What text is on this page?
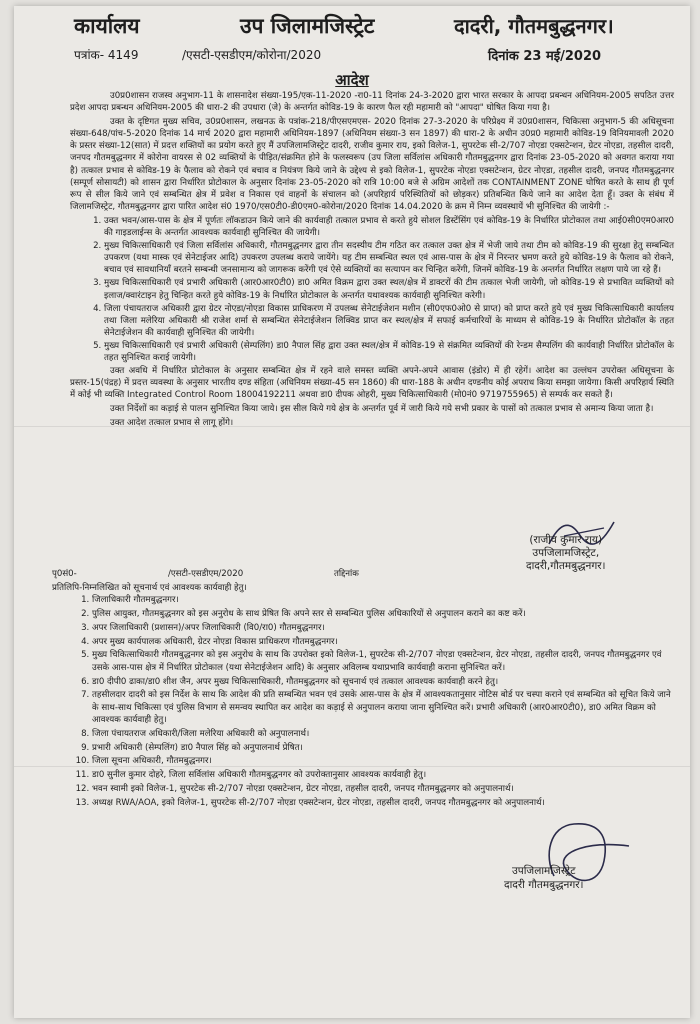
कार्यालय	उप जिलामजिस्ट्रेट	दादरी, गौतमबुद्धनगर।
पत्रांक- 4149	/एसटी-एसडीएम/कोरोना/2020	दिनांक 23 मई/2020
आदेश

उ0प्र0शासन राजस्व अनुभाग-11 के शासनादेश संख्या-195/एक-11-2020 -रा0-11 दिनांक 24-3-2020 द्वारा भारत सरकार के आपदा प्रबन्धन अधिनियम-2005 सपठित उत्तर प्रदेश आपदा प्रबन्धन अधिनियम-2005 की धारा-2 की उपधारा (जे) के अन्तर्गत कोविड-19 के कारण फैल रही महामारी को "आपदा" घोषित किया गया है।

उक्त के दृष्टिगत मुख्य सचिव, उ0प्र0शासन, लखनऊ के पत्रांक-218/पीएसएमएस- 2020 दिनांक 27-3-2020 के परिप्रेक्ष्य में उ0प्र0शासन, चिकित्सा अनुभाग-5 की अधिसूचना संख्या-648/पांच-5-2020 दिनांक 14 मार्च 2020 द्वारा महामारी अधिनियम-1897 (अधिनियम संख्या-3 सन 1897) की धारा-2 के अधीन उ0प्र0 महामारी कोविड-19 विनियमावली 2020 के प्रस्तर संख्या-12(सात) में प्रदत्त शक्तियों का प्रयोग करते हुए मैं उपजिलामजिस्ट्रेट दादरी, राजीव कुमार राय, इको विलेज-1, सुपरटेक सी-2/707 नोएडा एक्सटेन्शन, ग्रेटर नोएडा, तहसील दादरी, जनपद गौतमबुद्धनगर में कोरोना वायरस से 02 व्यक्तियों के पीड़ित/संक्रमित होने के फलस्वरूप (उप जिला सर्विलांस अधिकारी गौतमबुद्धनगर द्वारा दिनांक 23-05-2020 को अवगत कराया गया है) तत्काल प्रभाव से कोविड-19 के फैलाव को रोकने एवं बचाव व नियंत्रण किये जाने के उद्देश्य से इको विलेज-1, सुपरटेक नोएडा एक्सटेन्शन, ग्रेटर नोएडा, तहसील दादरी, जनपद गौतमबुद्धनगर (सम्पूर्ण सोसायटी) को शासन द्वारा निर्धारित प्रोटोकाल के अनुसार दिनांक 23-05-2020 को रात्रि 10:00 बजे से अग्रिम आदेशों तक CONTAINMENT ZONE घोषित करते के साथ ही पूर्ण रूप से सील किये जाने एवं सम्बन्धित क्षेत्र में प्रवेश व निकास एवं वाहनों के संचालन को (अपरिहार्य परिस्थितियों को छोड़कर) प्रतिबन्धित किये जाने का आदेश देता हूँ। उक्त के संबंध में जिलामजिस्ट्रेट, गौतमबुद्धनगर द्वारा पारित आदेश सं0 1970/एस0टी0-डी0एम0-कोरोना/2020 दिनांक 14.04.2020 के क्रम में निम्न व्यवस्थायें भी सुनिश्चित की जायेगी :-

1. उक्त भवन/आस-पास के क्षेत्र में पूर्णतः लॉकडाउन किये जाने की कार्यवाही तत्काल प्रभाव से करते हुये सोशल डिस्टेंसिंग एवं कोविड-19 के निर्धारित प्रोटोकाल तथा आई0सी0एम0आर0 की गाइडलाईन्स के अन्तर्गत आवश्यक कार्यवाही सुनिश्चित की जायेगी।
2. मुख्य चिकित्साधिकारी एवं जिला सर्विलांस अधिकारी, गौतमबुद्धनगर द्वारा तीन सदस्यीय टीम गठित कर तत्काल उक्त क्षेत्र में भेजी जाये तथा टीम को कोविड-19 की सुरक्षा हेतु सम्बन्धित उपकरण (यथा मास्क एवं सेनेटाईजर आदि) उपकरण उपलब्ध कराये जायेंगे। यह टीम सम्बन्धित स्थल एवं आस-पास के क्षेत्र में निरन्तर भ्रमण करते हुये कोविड-19 के फैलाव को रोकने, बचाव एवं सावधानियाँ बरतने सम्बन्धी जनसामान्य को जागरूक करेंगी एवं ऐसे व्यक्तियों का सत्यापन कर चिन्हित करेंगी, जिनमें कोविड-19 के अन्तर्गत निर्धारित लक्षण पाये जा रहे हैं।
3. मुख्य चिकित्साधिकारी एवं प्रभारी अधिकारी (आर0आर0टी0) डा0 अमित विक्रम द्वारा उक्त स्थल/क्षेत्र में डाक्टरों की टीम तत्काल भेजी जायेगी, जो कोविड-19 से प्रभावित व्यक्तियों को इलाज/क्वारंटाइन हेतु चिन्हित करते हुये कोविड-19 के निर्धारित प्रोटोकाल के अन्तर्गत यथावश्यक कार्यवाही सुनिश्चित करेगी।
4. जिला पंचायतराज अधिकारी द्वारा ग्रेटर नोएडा/नोएडा विकास प्राधिकरण में उपलब्ध सेनेटाईजेशन मशीन (सी0एफ0ओ0 से प्राप्त) को प्राप्त करते हुये एवं मुख्य चिकित्साधिकारी कार्यालय तथा जिला मलेरिया अधिकारी श्री राजेश शर्मा से सम्बन्धित सेनेटाईजेशन लिक्विड प्राप्त कर स्थल/क्षेत्र में सफाई कर्मचारियों के माध्यम से कोविड-19 के निर्धारित प्रोटोकॉल के तहत सेनेटाईजेशन की कार्यवाही सुनिश्चित की जायेगी।
5. मुख्य चिकित्साधिकारी एवं प्रभारी अधिकारी (सेम्पलिंग) डा0 नैपाल सिंह द्वारा उक्त स्थल/क्षेत्र में कोविड-19 से संक्रमित व्यक्तियों की रेन्डम सैम्पलिंग की कार्यवाही निर्धारित प्रोटोकॉल के तहत सुनिश्चित कराई जायेगी।

उक्त अवधि में निर्धारित प्रोटोकाल के अनुसार सम्बन्धित क्षेत्र में रहने वाले समस्त व्यक्ति अपने-अपने आवास (इंडोर) में ही रहेगें। आदेश का उल्लंघन उपरोक्त अधिसूचना के प्रस्तर-15(पंद्रह) में प्रदत्त व्यवस्था के अनुसार भारतीय दण्ड संहिता (अधिनियम संख्या-45 सन 1860) की धारा-188 के अधीन दण्डनीय कोई अपराध किया समझा जायेगा। किसी अपरिहार्य स्थिति में कोई भी व्यक्ति Integrated Control Room 18004192211 अथवा डा0 दीपक ओहरी, मुख्य चिकित्साधिकारी (मो0नं0 9719755965) से सम्पर्क कर सकते हैं।

उक्त निर्देशों का कड़ाई से पालन सुनिश्चित किया जाये। इस सील किये गये क्षेत्र के अन्तर्गत पूर्व में जारी किये गये सभी प्रकार के पासों को तत्काल प्रभाव से अमान्य किया जाता है।

उक्त आदेश तत्काल प्रभाव से लागू होंगे।

(राजीव कुमार राय)
उपजिलामजिस्ट्रेट,
दादरी,गौतमबुद्धनगर।
पृ0सं0-	/एसटी-एसडीएम/2020	तद्दिनांक
प्रतिलिपि-निम्नलिखित को सूचनार्थ एवं आवश्यक कार्यवाही हेतु।
1. जिलाधिकारी गौतमबुद्धनगर।
2. पुलिस आयुक्त, गौतमबुद्धनगर को इस अनुरोध के साथ प्रेषित कि अपने स्तर से सम्बन्धित पुलिस अधिकारियों से अनुपालन कराने का कष्ट करें।
3. अपर जिलाधिकारी (प्रशासन)/अपर जिलाधिकारी (वि0/रा0) गौतमबुद्धनगर।
4. अपर मुख्य कार्यपालक अधिकारी, ग्रेटर नोएडा विकास प्राधिकरण गौतमबुद्धनगर।
5. मुख्य चिकित्साधिकारी गौतमबुद्धनगर को इस अनुरोध के साथ कि उपरोक्त इको विलेज-1, सुपरटेक सी-2/707 नोएडा एक्सटेन्शन, ग्रेटर नोएडा, तहसील दादरी, जनपद गौतमबुद्धनगर एवं उसके आस-पास क्षेत्र में निर्धारित प्रोटोकाल (यथा सेनेटाईजेशन आदि) के अनुसार अविलम्ब यथाप्रभावि कार्यवाही कराना सुनिश्चित करें।
6. डा0 दीपी0 ढाका/डा0 शीश जैन, अपर मुख्य चिकित्साधिकारी, गौतमबुद्धनगर को सूचनार्थ एवं तत्काल आवश्यक कार्यवाही करने हेतु।
7. तहसीलदार दादरी को इस निर्देश के साथ कि आदेश की प्रति सम्बन्धित भवन एवं उसके आस-पास के क्षेत्र में आवश्यकतानुसार नोटिस बोर्ड पर चस्पा कराने एवं सम्बन्धित को सूचित किये जाने के साथ-साथ चिकित्सा एवं पुलिस विभाग से समन्वय स्थापित कर आदेश का कड़ाई से अनुपालन कराया जाना सुनिश्चित करें। प्रभारी अधिकारी (आर0आर0टी0), डा0 अमित विक्रम को आवश्यक कार्यवाही हेतु।
8. जिला पंचायतराज अधिकारी/जिला मलेरिया अधिकारी को अनुपालनार्थ।
9. प्रभारी अधिकारी (सेम्पलिंग) डा0 नैपाल सिंह को अनुपालनार्थ प्रेषित।
10. जिला सूचना अधिकारी, गौतमबुद्धनगर।
11. डा0 सुनील कुमार दोहरे, जिला सर्विलांस अधिकारी गौतमबुद्धनगर को उपरोक्तानुसार आवश्यक कार्यवाही हेतु।
12. भवन स्वामी इको विलेज-1, सुपरटेक सी-2/707 नोएडा एक्सटेन्शन, ग्रेटर नोएडा, तहसील दादरी, जनपद गौतमबुद्धनगर को अनुपालनार्थ।
13. अध्यक्ष RWA/AOA, इको विलेज-1, सुपरटेक सी-2/707 नोएडा एक्सटेन्शन, ग्रेटर नोएडा, तहसील दादरी, जनपद गौतमबुद्धनगर को अनुपालनार्थ।
उपजिलामजिस्ट्रेट
दादरी गौतमबुद्धनगर।
